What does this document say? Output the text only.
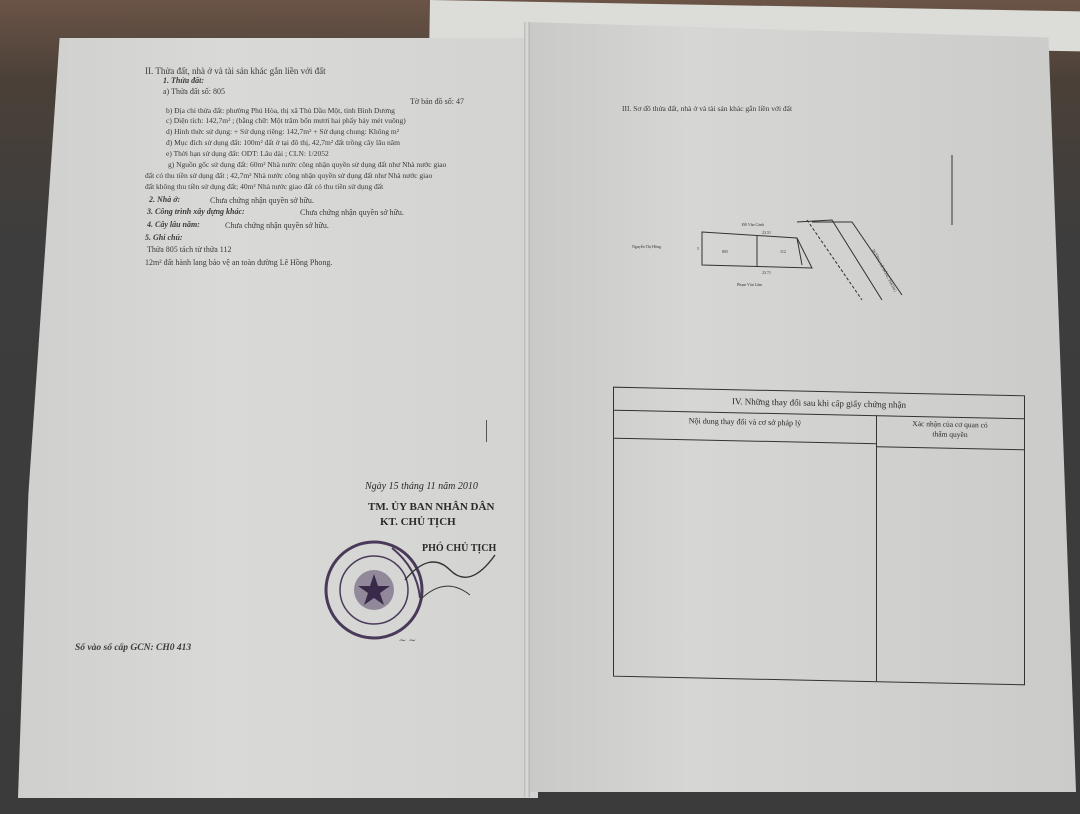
II. Thửa đất, nhà ở và tài sản khác gắn liền với đất
1. Thửa đất:
a) Thửa đất số: 805
Tờ bản đồ số: 47
b) Địa chỉ thửa đất: phường Phú Hòa, thị xã Thủ Dầu Một, tỉnh Bình Dương
c) Diện tích: 142,7m² ; (bằng chữ: Một trăm bốn mươi hai phẩy bảy mét vuông)
d) Hình thức sử dụng: + Sử dụng riêng: 142,7m² + Sử dụng chung: Không m²
đ) Mục đích sử dụng đất: 100m² đất ở tại đô thị, 42,7m² đất trồng cây lâu năm
e) Thời hạn sử dụng đất: ODT: Lâu dài ; CLN: 1/2052
g) Nguồn gốc sử dụng đất: 60m² Nhà nước công nhận quyền sử dụng đất như Nhà nước giao
đất có thu tiền sử dụng đất ; 42,7m² Nhà nước công nhận quyền sử dụng đất như Nhà nước giao
đất không thu tiền sử dụng đất; 40m² Nhà nước giao đất có thu tiền sử dụng đất
2. Nhà ở:	Chưa chứng nhận quyền sở hữu.
3. Công trình xây dựng khác:	Chưa chứng nhận quyền sở hữu.
4. Cây lâu năm:	Chưa chứng nhận quyền sở hữu.
5. Ghi chú:
Thửa 805 tách từ thửa 112
12m² đất hành lang bảo vệ an toàn đường Lê Hồng Phong.
Ngày 15 tháng 11 năm 2010
TM. ỦY BAN NHÂN DÂN
KT. CHỦ TỊCH
PHÓ CHỦ TỊCH
∼ ∼
Số vào sổ cấp GCN: CH0 413
III. Sơ đồ thửa đất, nhà ở và tài sản khác gắn liền với đất
Đỗ Văn Cảnh
Nguyễn Thị Hồng
23.51
23.71
Phạm Văn Lâm	ĐƯỜNG LÊ HỒNG PHONG
805	112
5
IV. Những thay đổi sau khi cấp giấy chứng nhận
Nội dung thay đổi và cơ sở pháp lý	Xác nhận của cơ quan có
thẩm quyền
